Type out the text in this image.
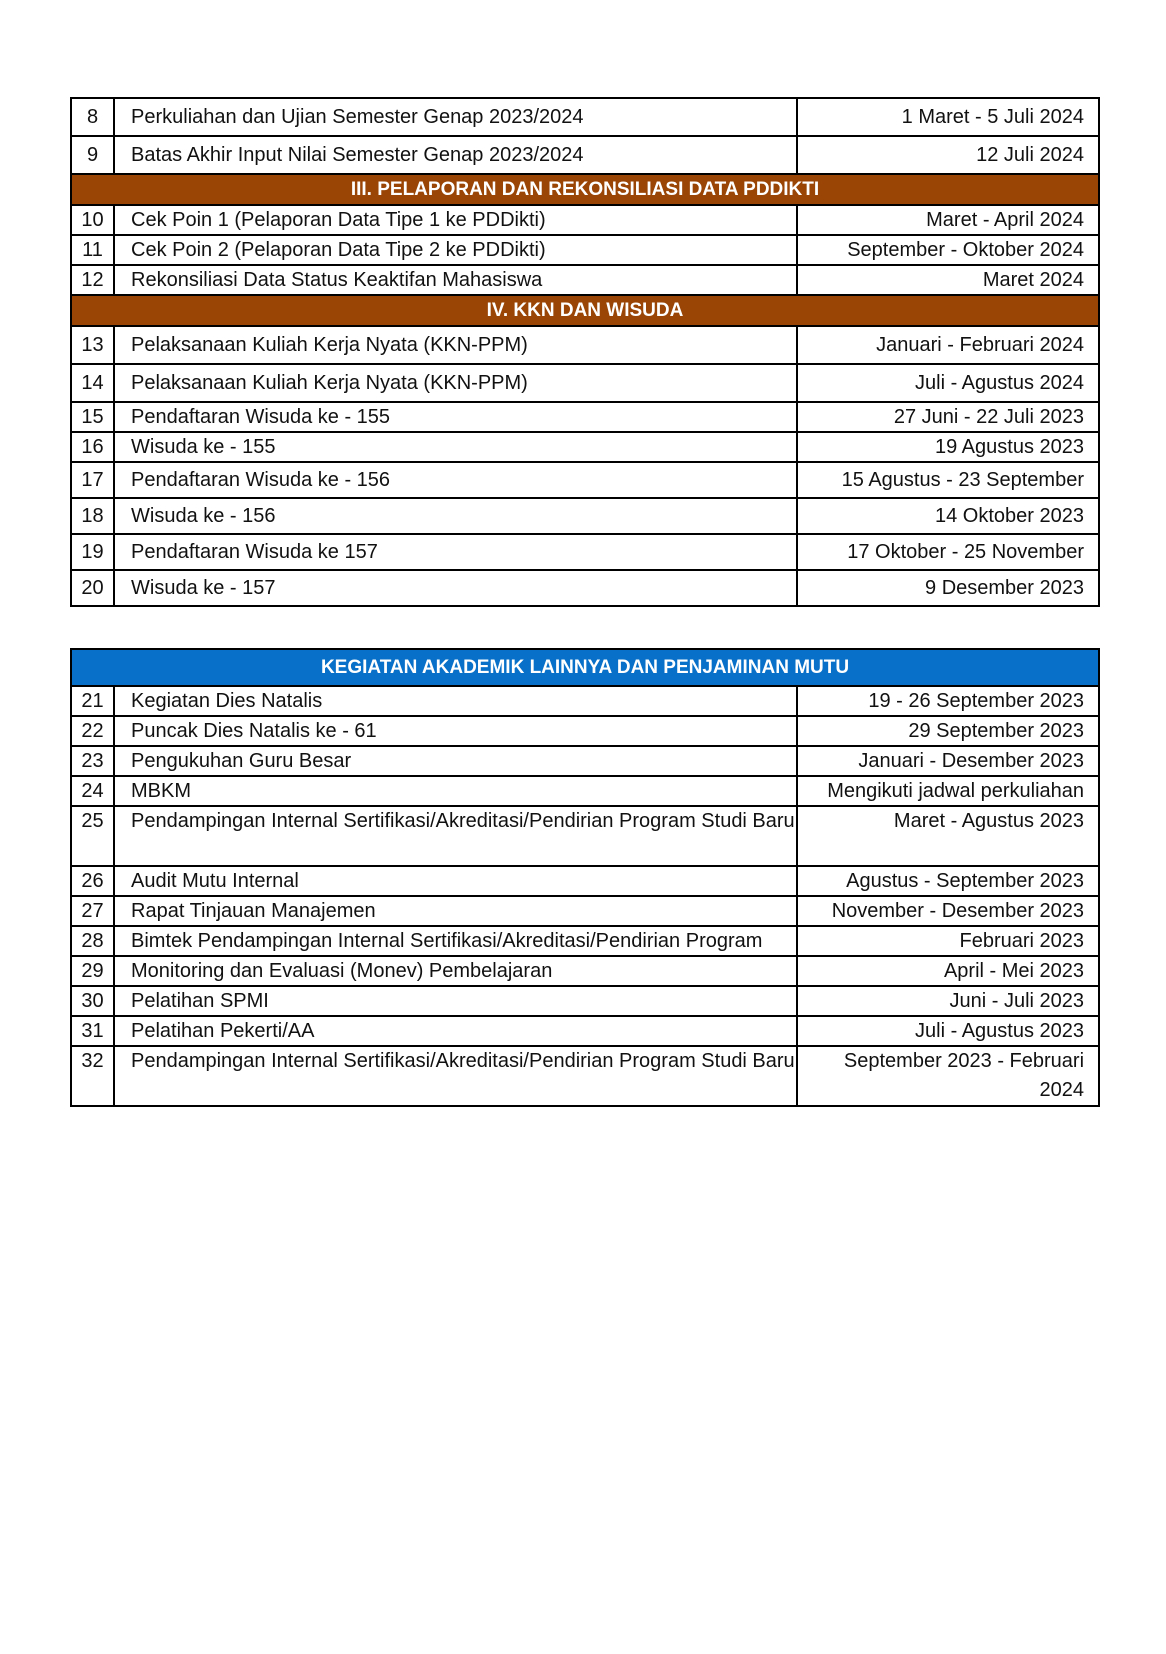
8	Perkuliahan dan Ujian Semester Genap 2023/2024	1 Maret - 5 Juli 2024
9	Batas Akhir Input Nilai Semester Genap 2023/2024	12 Juli 2024
III. PELAPORAN DAN REKONSILIASI DATA PDDIKTI		
10	Cek Poin 1 (Pelaporan Data Tipe 1 ke PDDikti)	Maret - April 2024
11	Cek Poin 2 (Pelaporan Data Tipe 2 ke PDDikti)	September - Oktober 2024
12	Rekonsiliasi Data Status Keaktifan Mahasiswa	Maret 2024
IV. KKN DAN WISUDA		
13	Pelaksanaan Kuliah Kerja Nyata (KKN-PPM)	Januari - Februari 2024
14	Pelaksanaan Kuliah Kerja Nyata (KKN-PPM)	Juli - Agustus 2024
15	Pendaftaran Wisuda ke - 155	27 Juni - 22 Juli 2023
16	Wisuda ke - 155	19 Agustus 2023
17	Pendaftaran Wisuda ke - 156	15 Agustus - 23 September
18	Wisuda ke - 156	14 Oktober 2023
19	Pendaftaran Wisuda ke 157	17 Oktober - 25 November
20	Wisuda ke - 157	9 Desember 2023
KEGIATAN AKADEMIK LAINNYA DAN PENJAMINAN MUTU		
21	Kegiatan Dies Natalis	19 - 26 September 2023
22	Puncak Dies Natalis ke - 61	29 September 2023
23	Pengukuhan Guru Besar	Januari - Desember 2023
24	MBKM	Mengikuti jadwal perkuliahan
25	Pendampingan Internal Sertifikasi/Akreditasi/Pendirian Program Studi Baru	Maret - Agustus 2023
26	Audit Mutu Internal	Agustus - September 2023
27	Rapat Tinjauan Manajemen	November - Desember 2023
28	Bimtek Pendampingan Internal Sertifikasi/Akreditasi/Pendirian Program	Februari 2023
29	Monitoring dan Evaluasi (Monev) Pembelajaran	April - Mei 2023
30	Pelatihan SPMI	Juni - Juli 2023
31	Pelatihan Pekerti/AA	Juli - Agustus 2023
32	Pendampingan Internal Sertifikasi/Akreditasi/Pendirian Program Studi Baru	September 2023 - Februari 2024
